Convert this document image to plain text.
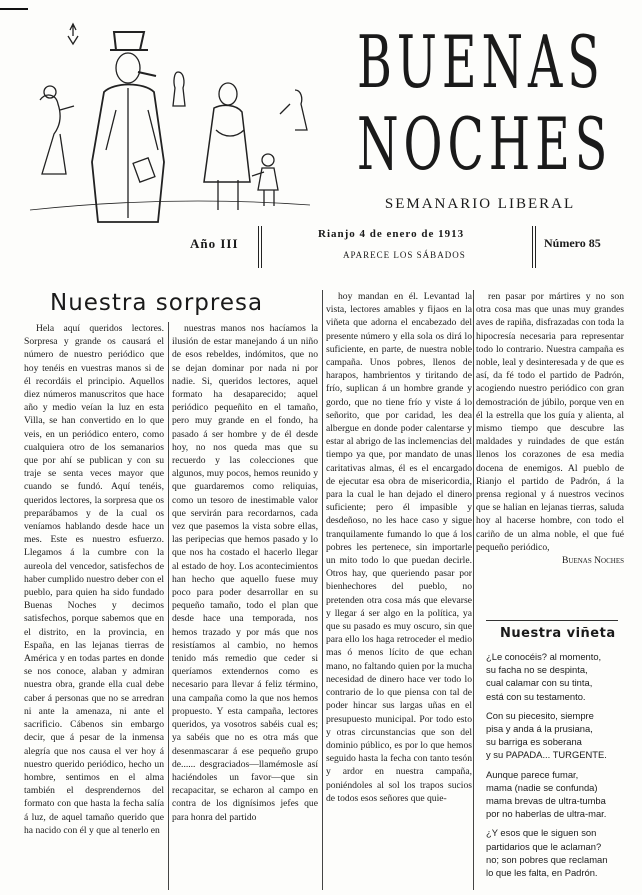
BUENAS
NOCHES
SEMANARIO LIBERAL
Año III
Rianjo 4 de enero de 1913
APARECE LOS SÁBADOS
Número 85
Nuestra sorpresa

Hela aquí queridos lectores. Sorpresa y grande os causará el número de nuestro periódico que hoy tenéis en vuestras manos si de él recordáis el principio. Aquellos diez números manuscritos que hace año y medio veían la luz en esta Villa, se han convertido en lo que veis, en un periódico entero, como cualquiera otro de los semanarios que por ahí se publican y con su traje se senta veces mayor que cuando se fundó. Aquí tenéis, queridos lectores, la sorpresa que os preparábamos y de la cual os veníamos hablando desde hace un mes. Este es nuestro esfuerzo. Llegamos á la cumbre con la aureola del vencedor, satisfechos de haber cumplido nuestro deber con el pueblo, para quien ha sido fundado Buenas Noches y decimos satisfechos, porque sabemos que en el distrito, en la provincia, en España, en las lejanas tierras de América y en todas partes en donde se nos conoce, alaban y admiran nuestra obra, grande ella cual debe caber á personas que no se arredran ni ante la amenaza, ni ante el sacrificio. Cábenos sin embargo decir, que á pesar de la inmensa alegría que nos causa el ver hoy á nuestro querido periódico, hecho un hombre, sentimos en el alma también el desprendernos del formato con que hasta la fecha salía á luz, de aquel tamaño querido que ha nacido con él y que al tenerlo en

nuestras manos nos hacíamos la ilusión de estar manejando á un niño de esos rebeldes, indómitos, que no se dejan dominar por nada ni por nadie. Si, queridos lectores, aquel formato ha desaparecido; aquel periódico pequeñito en el tamaño, pero muy grande en el fondo, ha pasado á ser hombre y de él desde hoy, no nos queda mas que su recuerdo y las colecciones que algunos, muy pocos, hemos reunido y que guardaremos como reliquias, como un tesoro de inestimable valor que servirán para recordarnos, cada vez que pasemos la vista sobre ellas, las peripecias que hemos pasado y lo que nos ha costado el hacerlo llegar al estado de hoy. Los acontecimientos han hecho que aquello fuese muy poco para poder desarrollar en su pequeño tamaño, todo el plan que desde hace una temporada, nos hemos trazado y por más que nos resistíamos al cambio, no hemos tenido más remedio que ceder si queríamos extendernos como es necesario para llevar á feliz término, una campaña como la que nos hemos propuesto. Y esta campaña, lectores queridos, ya vosotros sabéis cual es; ya sabéis que no es otra más que desenmascarar á ese pequeño grupo de...... desgraciados—llamémosle así haciéndoles un favor—que sin recapacitar, se echaron al campo en contra de los dignísimos jefes que para honra del partido

hoy mandan en él. Levantad la vista, lectores amables y fijaos en la viñeta que adorna el encabezado del presente número y ella sola os dirá lo suficiente, en parte, de nuestra noble campaña. Unos pobres, llenos de harapos, hambrientos y tiritando de frío, suplican á un hombre grande y gordo, que no tiene frío y viste á lo señorito, que por caridad, les dea albergue en donde poder calentarse y estar al abrigo de las inclemencias del tiempo ya que, por mandato de unas caritativas almas, él es el encargado de ejecutar esa obra de misericordia, para la cual le han dejado el dinero suficiente; pero él impasible y desdeñoso, no les hace caso y sigue tranquilamente fumando lo que á los pobres les pertenece, sin importarle un mito todo lo que puedan decirle. Otros hay, que queriendo pasar por bienhechores del pueblo, no pretenden otra cosa más que elevarse y llegar á ser algo en la política, ya que su pasado es muy oscuro, sin que para ello los haga retroceder el medio mas ó menos lícito de que echan mano, no faltando quien por la mucha necesidad de dinero hace ver todo lo contrario de lo que piensa con tal de poder hincar sus largas uñas en el presupuesto municipal. Por todo esto y otras circunstancias que son del dominio público, es por lo que hemos seguido hasta la fecha con tanto tesón y ardor en nuestra campaña, poniéndoles al sol los trapos sucios de todos esos señores que quie-

ren pasar por mártires y no son otra cosa mas que unas muy grandes aves de rapiña, disfrazadas con toda la hipocresía necesaria para representar todo lo contrario. Nuestra campaña es noble, leal y desinteresada y de que es así, da fé todo el partido de Padrón, acogiendo nuestro periódico con gran demostración de júbilo, porque ven en él la estrella que los guía y alienta, al mismo tiempo que descubre las maldades y ruindades de que están llenos los corazones de esa media docena de enemigos. Al pueblo de Rianjo el partido de Padrón, á la prensa regional y á nuestros vecinos que se halian en lejanas tierras, saluda hoy al hacerse hombre, con todo el cariño de un alma noble, el que fué pequeño periódico,

Buenas Noches
Nuestra viñeta
¿Le conocéis? al momento,
su facha no se despinta,
cual calamar con su tinta,
está con su testamento.
Con su piecesito, siempre
pisa y anda á la prusiana,
su barriga es soberana
y su PAPADA... TURGENTE.
Aunque parece fumar,
mama (nadie se confunda)
mama brevas de ultra-tumba
por no haberlas de ultra-mar.
¿Y esos que le siguen son
partidarios que le aclaman?
no; son pobres que reclaman
lo que les falta, en Padrón.
